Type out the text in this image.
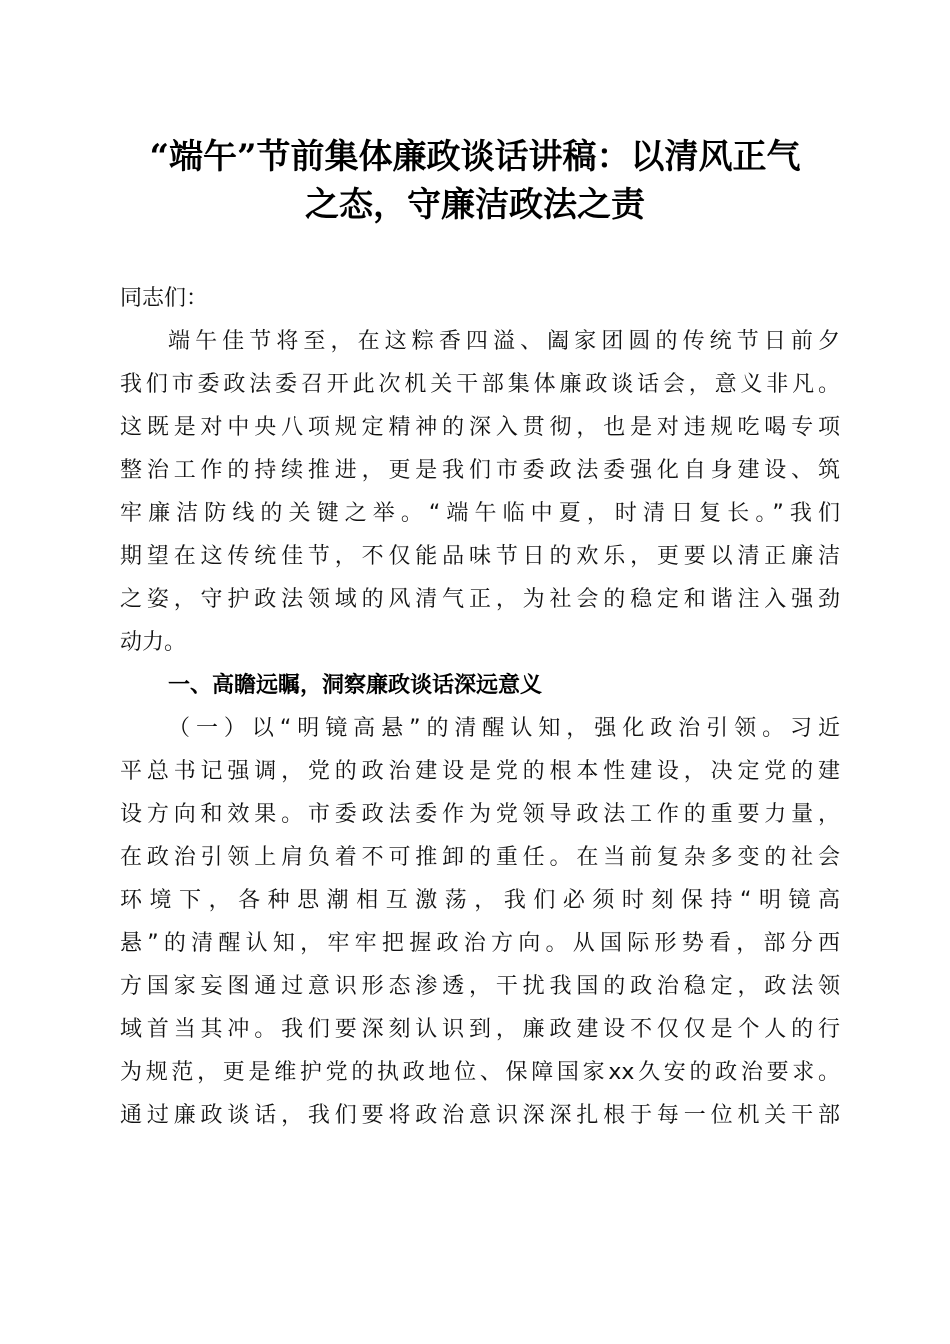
“端午”节前集体廉政谈话讲稿：以清风正气
之态，守廉洁政法之责
同志们：
端午佳节将至，在这粽香四溢、阖家团圆的传统节日前夕
我们市委政法委召开此次机关干部集体廉政谈话会，意义非凡。
这既是对中央八项规定精神的深入贯彻，也是对违规吃喝专项
整治工作的持续推进，更是我们市委政法委强化自身建设、筑
牢廉洁防线的关键之举。“端午临中夏，时清日复长。”我们
期望在这传统佳节，不仅能品味节日的欢乐，更要以清正廉洁
之姿，守护政法领域的风清气正，为社会的稳定和谐注入强劲
动力。
一、高瞻远瞩，洞察廉政谈话深远意义
（一）以“明镜高悬”的清醒认知，强化政治引领。习近
平总书记强调，党的政治建设是党的根本性建设，决定党的建
设方向和效果。市委政法委作为党领导政法工作的重要力量，
在政治引领上肩负着不可推卸的重任。在当前复杂多变的社会
环境下，各种思潮相互激荡，我们必须时刻保持“明镜高
悬”的清醒认知，牢牢把握政治方向。从国际形势看，部分西
方国家妄图通过意识形态渗透，干扰我国的政治稳定，政法领
域首当其冲。我们要深刻认识到，廉政建设不仅仅是个人的行
为规范，更是维护党的执政地位、保障国家xx久安的政治要求。
通过廉政谈话，我们要将政治意识深深扎根于每一位机关干部
